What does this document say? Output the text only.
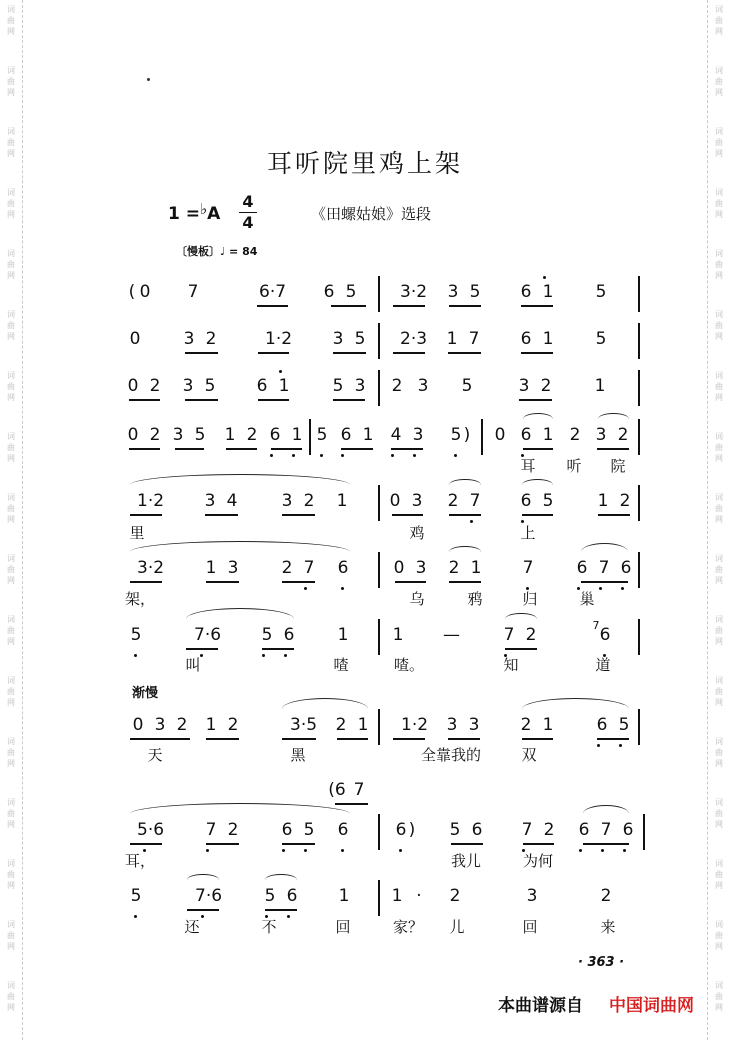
词
曲
网
词
曲
网
词
曲
网
词
曲
网
词
曲
网
词
曲
网
词
曲
网
词
曲
网
词
曲
网
词
曲
网
词
曲
网
词
曲
网
词
曲
网
词
曲
网
词
曲
网
词
曲
网
词
曲
网
词
曲
网
词
曲
网
词
曲
网
词
曲
网
词
曲
网
词
曲
网
词
曲
网
词
曲
网
词
曲
网
词
曲
网
词
曲
网
词
曲
网
词
曲
网
词
曲
网
词
曲
网
词
曲
网
词
曲
网
耳听院里鸡上架
1 =♭A
4
4	《田螺姑娘》选段
〔慢板〕♩ = 84
渐慢
( 0 7	6·7	6 5	3·2	3 5	6 1	5
0	3 2	1·2	3 5	2·3	1 7	6 1	5
0 2	3 5	6 1	5 3	2 3 5	3 2	1
0 2 3 5	1 2 6 1 5 6 1	4 3	5 ) 0 6 1 2 3 2
1·2	3 4	3 2	1	0 3	2 7	6 5	1 2
3·2	1 3	2 7	6	0 3	2 1	7	6 7 6
5	7·6	5 6	1	1 —	7 2	6
7
0 3 2	1 2	3·5	2 1	1·2	3 3	2 1	6 5
5·6	7 2	6 5	6	6 )	5 6	7 2	6 7 6
5	7·6	5 6	1	1 ·	2	3	2
(6 7
耳	听	院
里	鸡	上
架，	乌	鸦	归	巢
叫	喳	喳。	知	道
天	黑	全靠我的	双
耳，	我儿	为何
还	不	回	家？	儿	回	来
· 363 ·
本曲谱源自 中国词曲网
